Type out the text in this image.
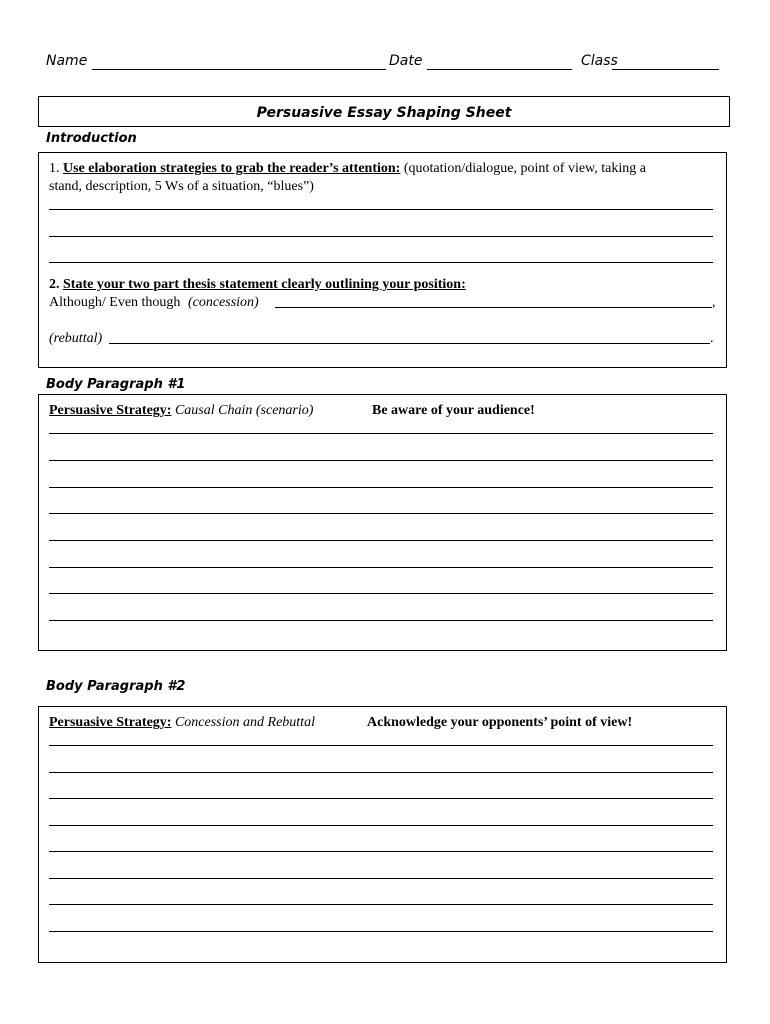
Name	Date	Class
Persuasive Essay Shaping Sheet
Introduction
1. Use elaboration strategies to grab the reader’s attention: (quotation/dialogue, point of view, taking a
stand, description, 5 Ws of a situation, “blues”)
2. State your two part thesis statement clearly outlining your position:
Although/ Even though (concession)	,
(rebuttal)	.
Body Paragraph #1
Persuasive Strategy: Causal Chain (scenario)	Be aware of your audience!
Body Paragraph #2
Persuasive Strategy: Concession and Rebuttal	Acknowledge your opponents’ point of view!
